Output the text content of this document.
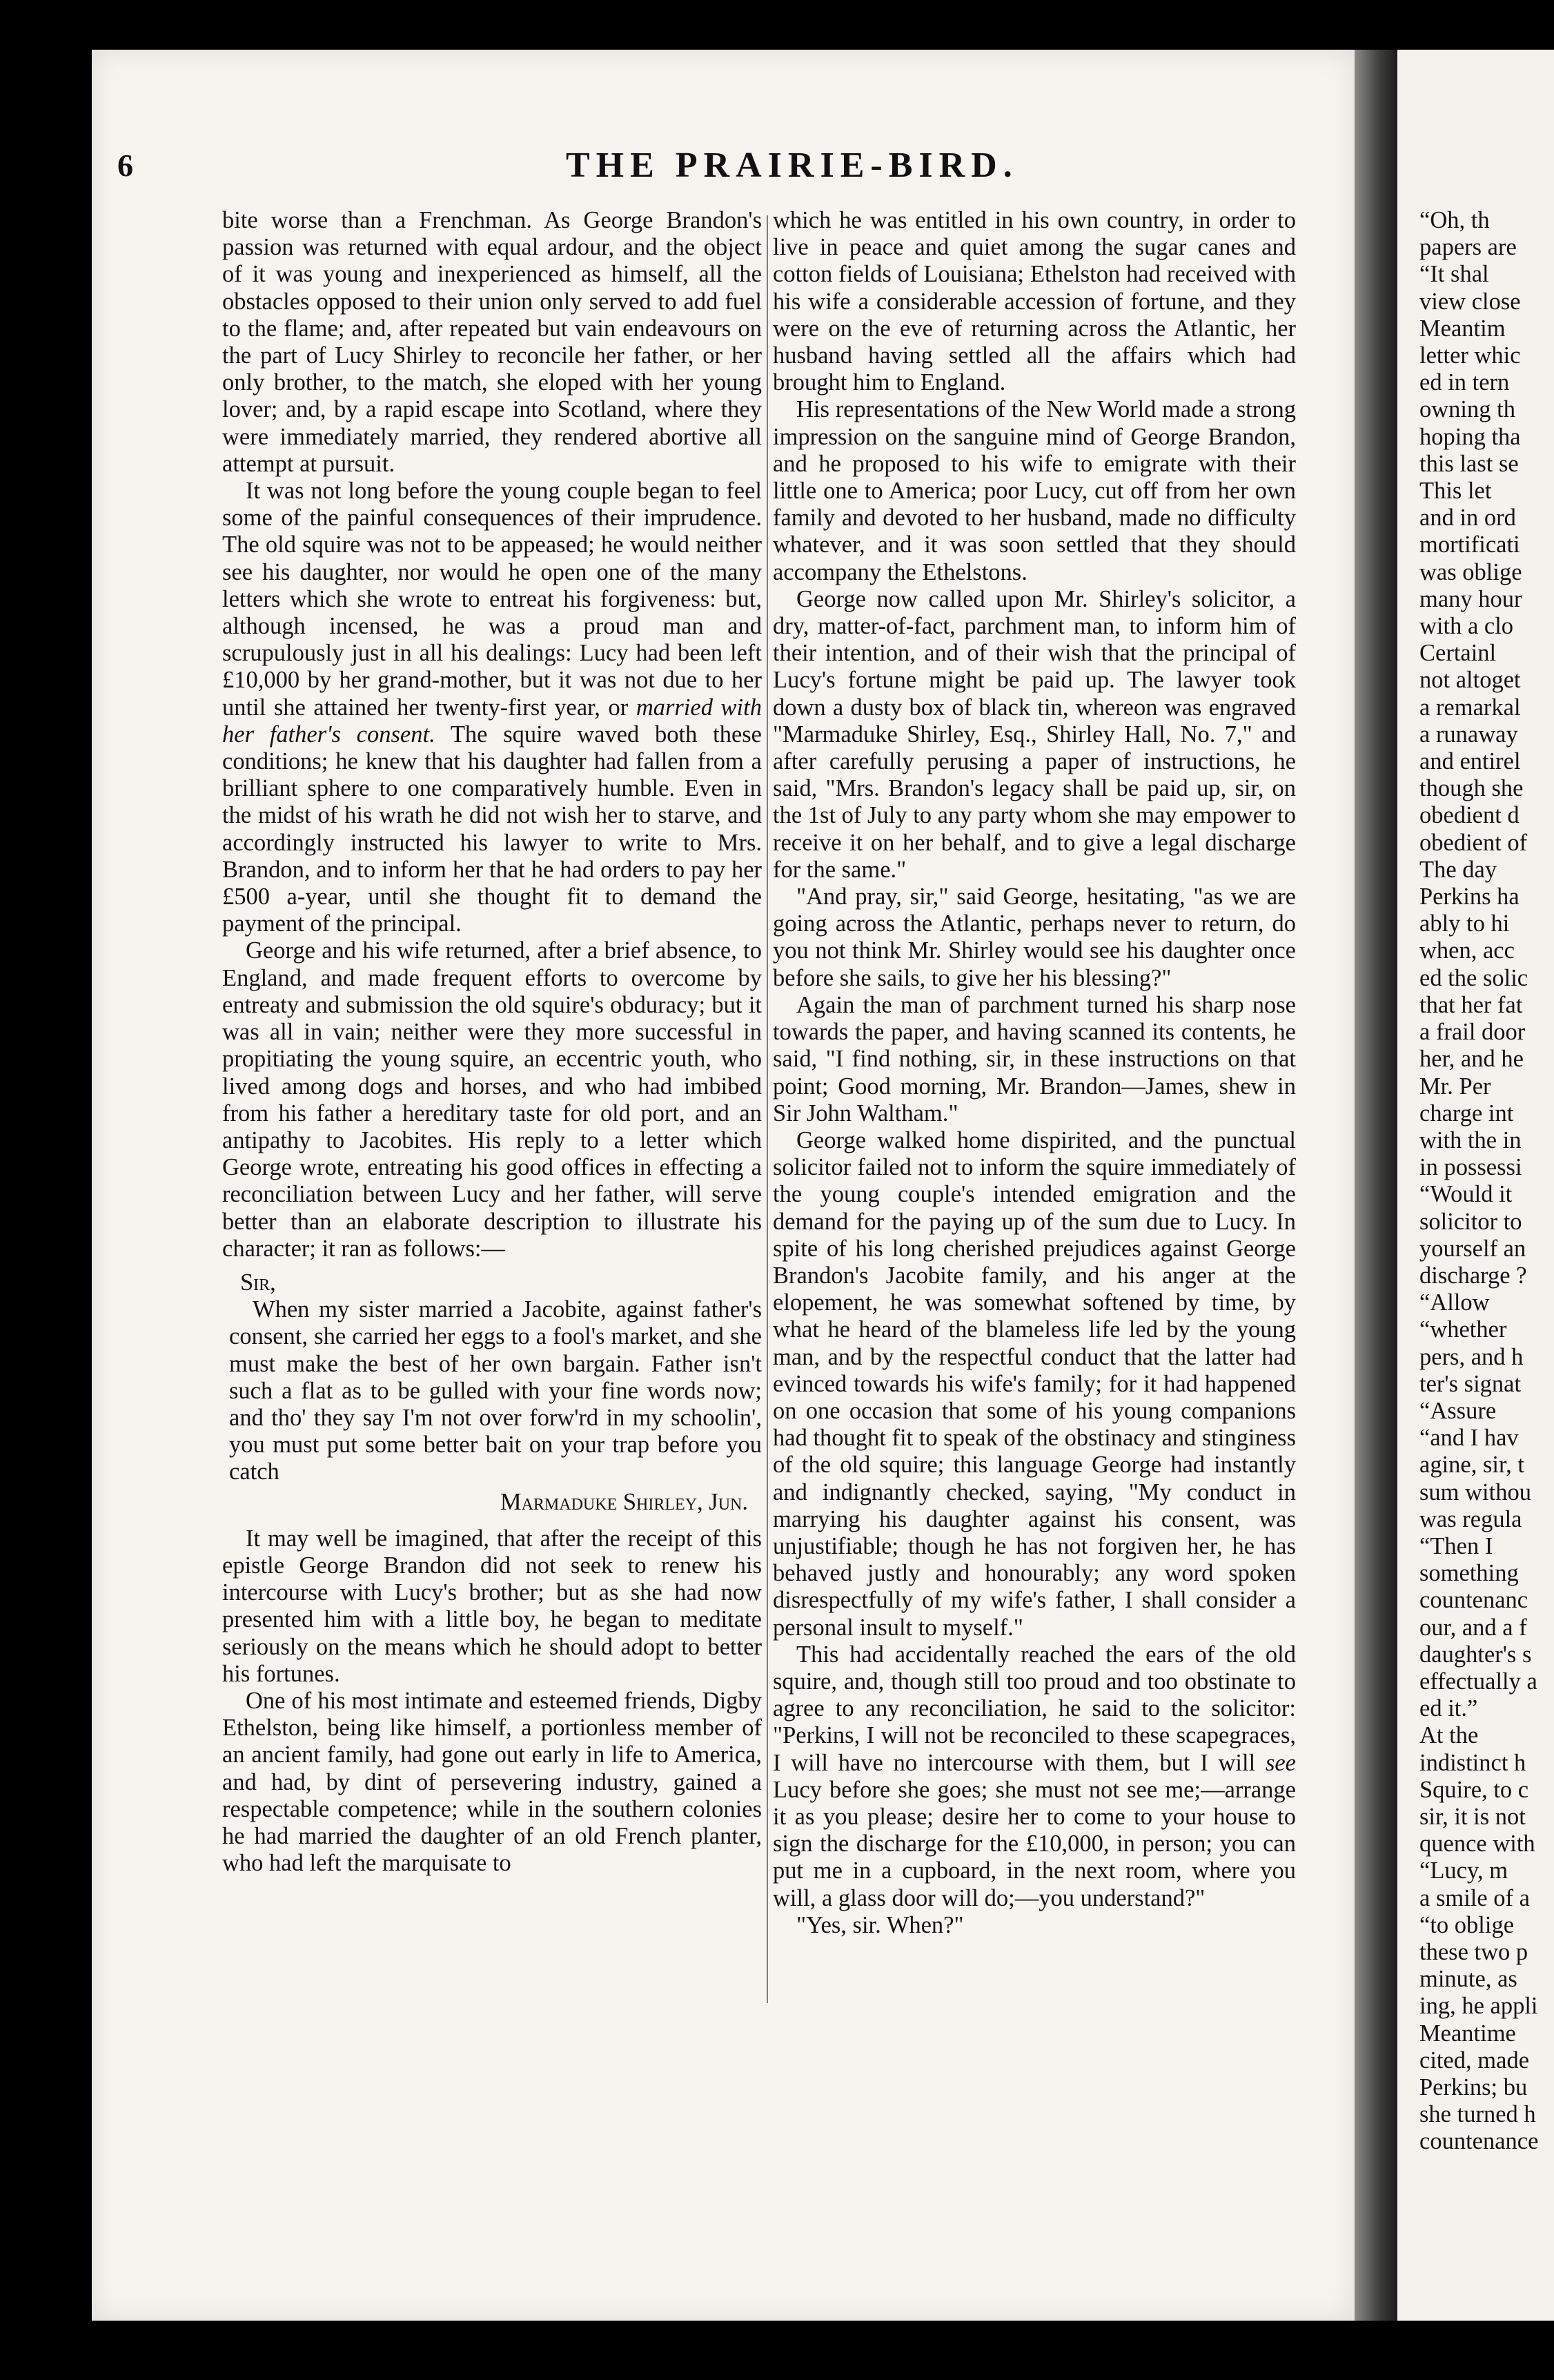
6	THE PRAIRIE-BIRD.

bite worse than a Frenchman. As George Brandon's passion was returned with equal ardour, and the object of it was young and inexperienced as himself, all the obstacles opposed to their union only served to add fuel to the flame; and, after repeated but vain endeavours on the part of Lucy Shirley to reconcile her father, or her only brother, to the match, she eloped with her young lover; and, by a rapid escape into Scotland, where they were immediately married, they rendered abortive all attempt at pursuit.

It was not long before the young couple began to feel some of the painful consequences of their imprudence. The old squire was not to be appeased; he would neither see his daughter, nor would he open one of the many letters which she wrote to entreat his forgiveness: but, although incensed, he was a proud man and scrupulously just in all his dealings: Lucy had been left £10,000 by her grand-mother, but it was not due to her until she attained her twenty-first year, or married with her father's consent. The squire waved both these conditions; he knew that his daughter had fallen from a brilliant sphere to one comparatively humble. Even in the midst of his wrath he did not wish her to starve, and accordingly instructed his lawyer to write to Mrs. Brandon, and to inform her that he had orders to pay her £500 a-year, until she thought fit to demand the payment of the principal.

George and his wife returned, after a brief absence, to England, and made frequent efforts to overcome by entreaty and submission the old squire's obduracy; but it was all in vain; neither were they more successful in propitiating the young squire, an eccentric youth, who lived among dogs and horses, and who had imbibed from his father a hereditary taste for old port, and an antipathy to Jacobites. His reply to a letter which George wrote, entreating his good offices in effecting a reconciliation between Lucy and her father, will serve better than an elaborate description to illustrate his character; it ran as follows:—

Sir,

When my sister married a Jacobite, against father's consent, she carried her eggs to a fool's market, and she must make the best of her own bargain. Father isn't such a flat as to be gulled with your fine words now; and tho' they say I'm not over forw'rd in my schoolin', you must put some better bait on your trap before you catch

Marmaduke Shirley, Jun.

It may well be imagined, that after the receipt of this epistle George Brandon did not seek to renew his intercourse with Lucy's brother; but as she had now presented him with a little boy, he began to meditate seriously on the means which he should adopt to better his fortunes.

One of his most intimate and esteemed friends, Digby Ethelston, being like himself, a portionless member of an ancient family, had gone out early in life to America, and had, by dint of persevering industry, gained a respectable competence; while in the southern colonies he had married the daughter of an old French planter, who had left the marquisate to

which he was entitled in his own country, in order to live in peace and quiet among the sugar canes and cotton fields of Louisiana; Ethelston had received with his wife a considerable accession of fortune, and they were on the eve of returning across the Atlantic, her husband having settled all the affairs which had brought him to England.

His representations of the New World made a strong impression on the sanguine mind of George Brandon, and he proposed to his wife to emigrate with their little one to America; poor Lucy, cut off from her own family and devoted to her husband, made no difficulty whatever, and it was soon settled that they should accompany the Ethelstons.

George now called upon Mr. Shirley's solicitor, a dry, matter-of-fact, parchment man, to inform him of their intention, and of their wish that the principal of Lucy's fortune might be paid up. The lawyer took down a dusty box of black tin, whereon was engraved "Marmaduke Shirley, Esq., Shirley Hall, No. 7," and after carefully perusing a paper of instructions, he said, "Mrs. Brandon's legacy shall be paid up, sir, on the 1st of July to any party whom she may empower to receive it on her behalf, and to give a legal discharge for the same."

"And pray, sir," said George, hesitating, "as we are going across the Atlantic, perhaps never to return, do you not think Mr. Shirley would see his daughter once before she sails, to give her his blessing?"

Again the man of parchment turned his sharp nose towards the paper, and having scanned its contents, he said, "I find nothing, sir, in these instructions on that point; Good morning, Mr. Brandon—James, shew in Sir John Waltham."

George walked home dispirited, and the punctual solicitor failed not to inform the squire immediately of the young couple's intended emigration and the demand for the paying up of the sum due to Lucy. In spite of his long cherished prejudices against George Brandon's Jacobite family, and his anger at the elopement, he was somewhat softened by time, by what he heard of the blameless life led by the young man, and by the respectful conduct that the latter had evinced towards his wife's family; for it had happened on one occasion that some of his young companions had thought fit to speak of the obstinacy and stinginess of the old squire; this language George had instantly and indignantly checked, saying, "My conduct in marrying his daughter against his consent, was unjustifiable; though he has not forgiven her, he has behaved justly and honourably; any word spoken disrespectfully of my wife's father, I shall consider a personal insult to myself."

This had accidentally reached the ears of the old squire, and, though still too proud and too obstinate to agree to any reconciliation, he said to the solicitor: "Perkins, I will not be reconciled to these scapegraces, I will have no intercourse with them, but I will see Lucy before she goes; she must not see me;—arrange it as you please; desire her to come to your house to sign the discharge for the £10,000, in person; you can put me in a cupboard, in the next room, where you will, a glass door will do;—you understand?"

"Yes, sir. When?"

“Oh, th
papers are
“It shal
view close
Meantim
letter whic
ed in tern
owning th
hoping tha
this last se
This let
and in ord
mortificati
was oblige
many hour
with a clo
Certainl
not altoget
a remarkal
a runaway
and entirel
though she
obedient d
obedient of
The day
Perkins ha
ably to hi
when, acc
ed the solic
that her fat
a frail door
her, and he
Mr. Per
charge int
with the in
in possessi
“Would it
solicitor to
yourself an
discharge ?
“Allow
“whether
pers, and h
ter's signat
“Assure
“and I hav
agine, sir, t
sum withou
was regula
“Then I
something
countenanc
our, and a f
daughter's s
effectually a
ed it.”
At the
indistinct h
Squire, to c
sir, it is not
quence with
“Lucy, m
a smile of a
“to oblige
these two p
minute, as
ing, he appli
Meantime
cited, made
Perkins; bu
she turned h
countenance
